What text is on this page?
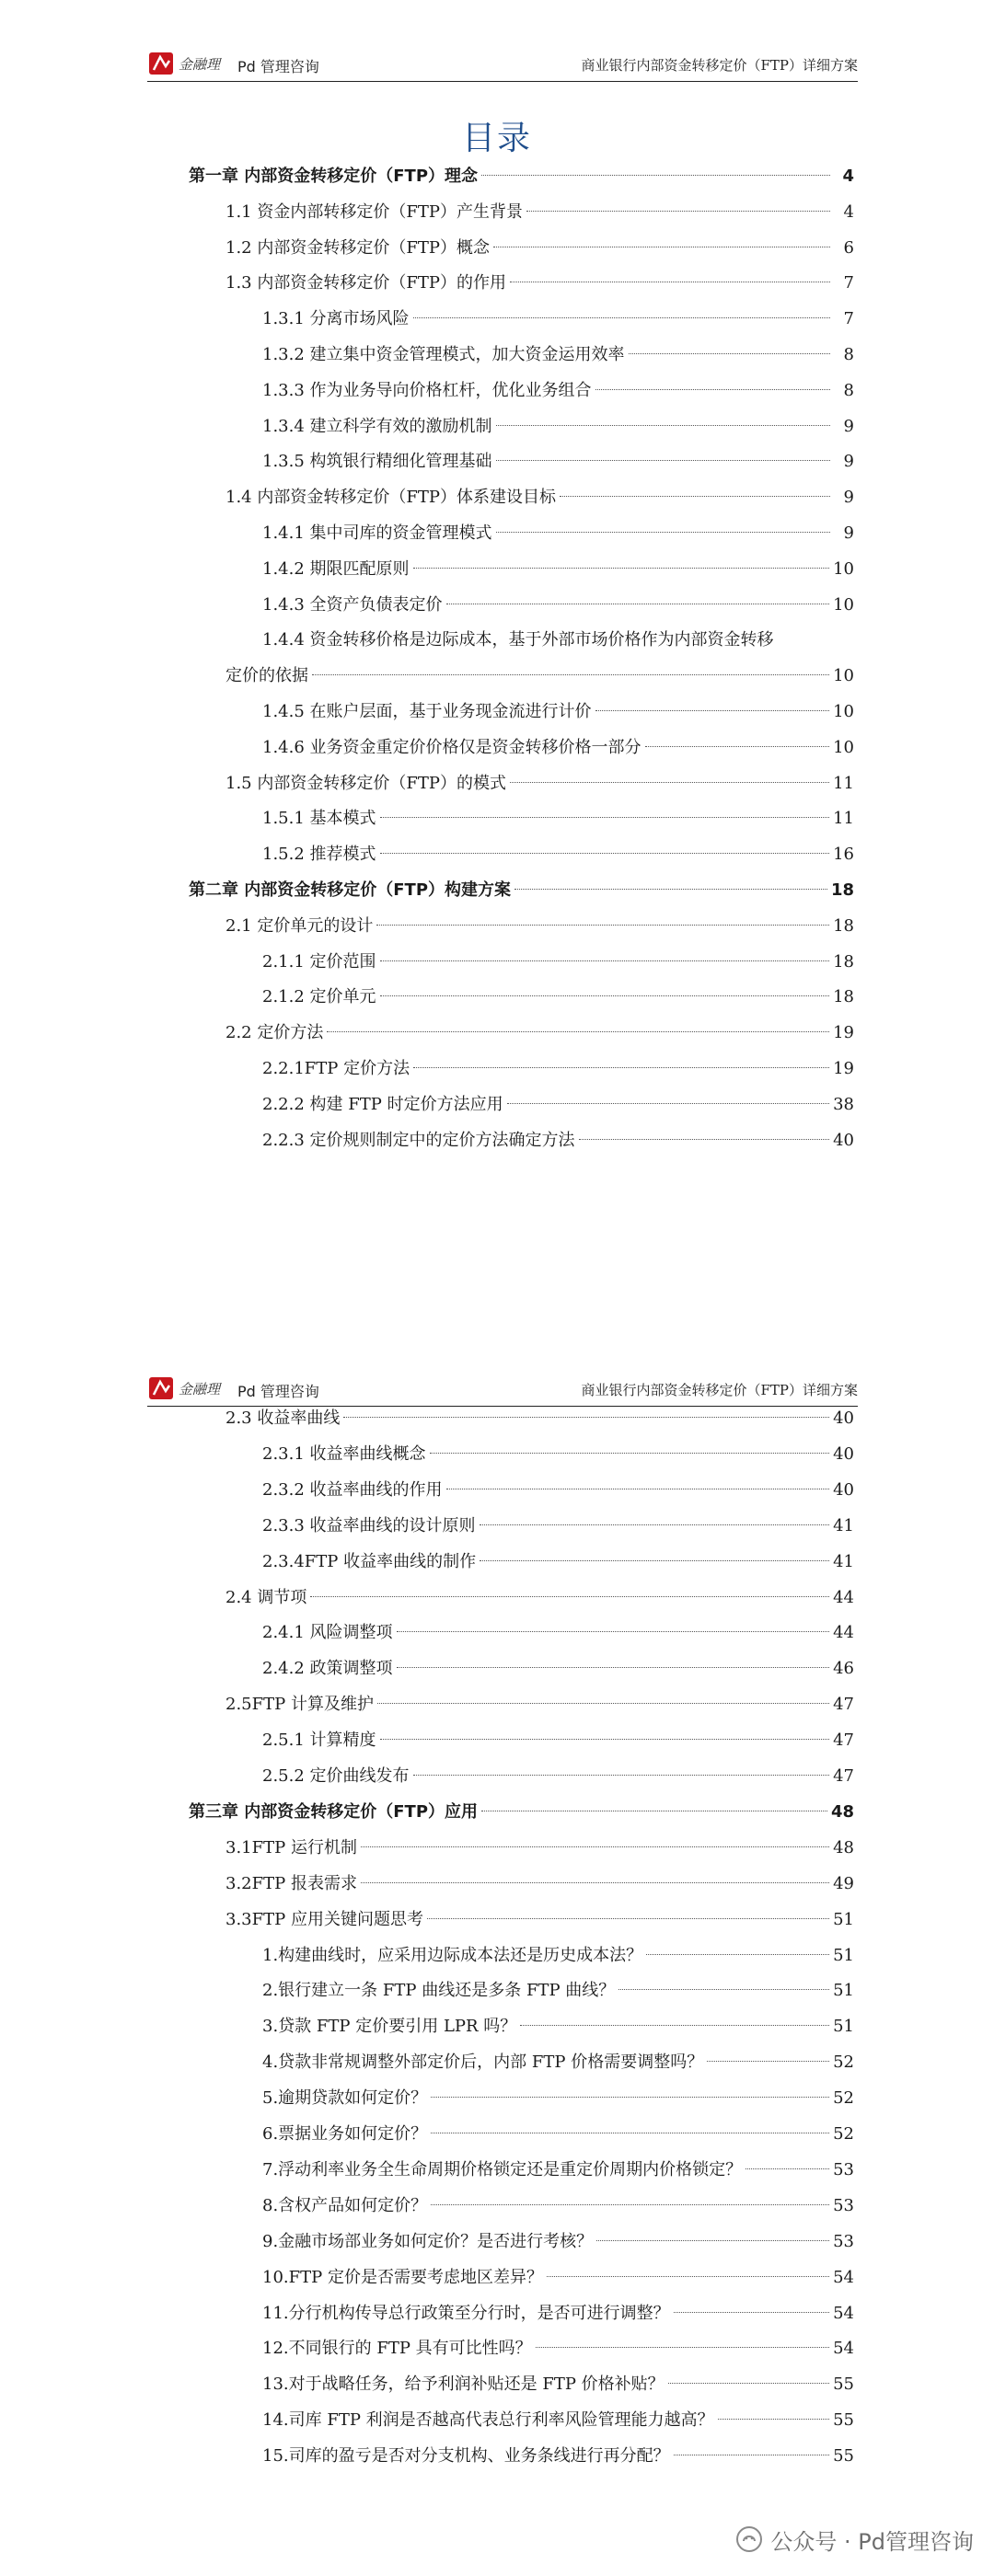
金融理 Pd 管理咨询	商业银行内部资金转移定价（FTP）详细方案
目录
第一章 内部资金转移定价（FTP）理念	4
1.1 资金内部转移定价（FTP）产生背景	4
1.2 内部资金转移定价（FTP）概念	6
1.3 内部资金转移定价（FTP）的作用	7
1.3.1 分离市场风险	7
1.3.2 建立集中资金管理模式，加大资金运用效率	8
1.3.3 作为业务导向价格杠杆，优化业务组合	8
1.3.4 建立科学有效的激励机制	9
1.3.5 构筑银行精细化管理基础	9
1.4 内部资金转移定价（FTP）体系建设目标	9
1.4.1 集中司库的资金管理模式	9
1.4.2 期限匹配原则	10
1.4.3 全资产负债表定价	10
1.4.4 资金转移价格是边际成本，基于外部市场价格作为内部资金转移
定价的依据	10
1.4.5 在账户层面，基于业务现金流进行计价	10
1.4.6 业务资金重定价价格仅是资金转移价格一部分	10
1.5 内部资金转移定价（FTP）的模式	11
1.5.1 基本模式	11
1.5.2 推荐模式	16
第二章 内部资金转移定价（FTP）构建方案	18
2.1 定价单元的设计	18
2.1.1 定价范围	18
2.1.2 定价单元	18
2.2 定价方法	19
2.2.1FTP 定价方法	19
2.2.2 构建 FTP 时定价方法应用	38
2.2.3 定价规则制定中的定价方法确定方法	40
金融理 Pd 管理咨询	商业银行内部资金转移定价（FTP）详细方案
2.3 收益率曲线	40
2.3.1 收益率曲线概念	40
2.3.2 收益率曲线的作用	40
2.3.3 收益率曲线的设计原则	41
2.3.4FTP 收益率曲线的制作	41
2.4 调节项	44
2.4.1 风险调整项	44
2.4.2 政策调整项	46
2.5FTP 计算及维护	47
2.5.1 计算精度	47
2.5.2 定价曲线发布	47
第三章 内部资金转移定价（FTP）应用	48
3.1FTP 运行机制	48
3.2FTP 报表需求	49
3.3FTP 应用关键问题思考	51
1.构建曲线时，应采用边际成本法还是历史成本法？	51
2.银行建立一条 FTP 曲线还是多条 FTP 曲线？	51
3.贷款 FTP 定价要引用 LPR 吗？	51
4.贷款非常规调整外部定价后，内部 FTP 价格需要调整吗？	52
5.逾期贷款如何定价？	52
6.票据业务如何定价？	52
7.浮动利率业务全生命周期价格锁定还是重定价周期内价格锁定？	53
8.含权产品如何定价？	53
9.金融市场部业务如何定价？是否进行考核？	53
10.FTP 定价是否需要考虑地区差异？	54
11.分行机构传导总行政策至分行时，是否可进行调整？	54
12.不同银行的 FTP 具有可比性吗？	54
13.对于战略任务，给予利润补贴还是 FTP 价格补贴？	55
14.司库 FTP 利润是否越高代表总行利率风险管理能力越高？	55
15.司库的盈亏是否对分支机构、业务条线进行再分配？	55
公众号 · Pd管理咨询
